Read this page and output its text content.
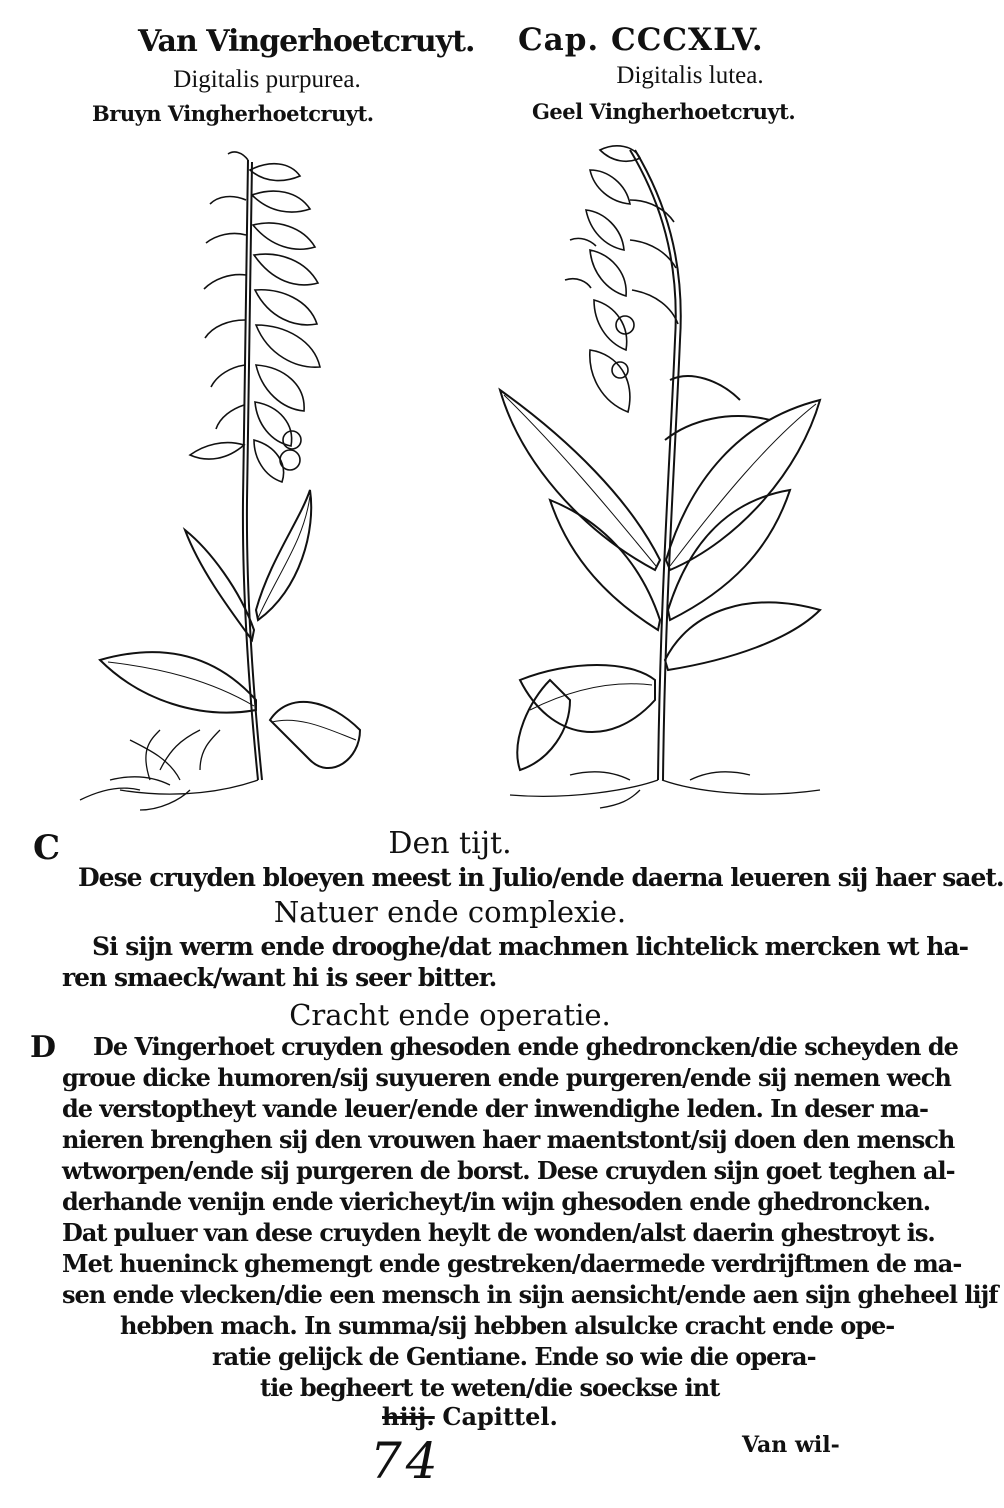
Van Vingerhoetcruyt. Cap. CCCXLV.
Digitalis purpurea.
Bruyn Vingherhoetcruyt.
Digitalis lutea.
Geel Vingherhoetcruyt.
C
D
Den tijt.
Dese cruyden bloeyen meest in Julio/ende daerna leueren sij haer saet.
Natuer ende complexie.
Si sijn werm ende drooghe/dat machmen lichtelick mercken wt ha-
ren smaeck/want hi is seer bitter.
Cracht ende operatie.
De Vingerhoet cruyden ghesoden ende ghedroncken/die scheyden de
groue dicke humoren/sij suyueren ende purgeren/ende sij nemen wech
de verstoptheyt vande leuer/ende der inwendighe leden. In deser ma-
nieren brenghen sij den vrouwen haer maentstont/sij doen den mensch
wtworpen/ende sij purgeren de borst. Dese cruyden sijn goet teghen al-
derhande venijn ende viericheyt/in wijn ghesoden ende ghedroncken.
Dat puluer van dese cruyden heylt de wonden/alst daerin ghestroyt is.
Met hueninck ghemengt ende gestreken/daermede verdrijftmen de ma-
sen ende vlecken/die een mensch in sijn aensicht/ende aen sijn gheheel lijf
hebben mach. In summa/sij hebben alsulcke cracht ende ope-
ratie gelijck de Gentiane. Ende so wie die opera-
tie begheert te weten/die soeckse int
hiij. Capittel.
74	Van wil-
